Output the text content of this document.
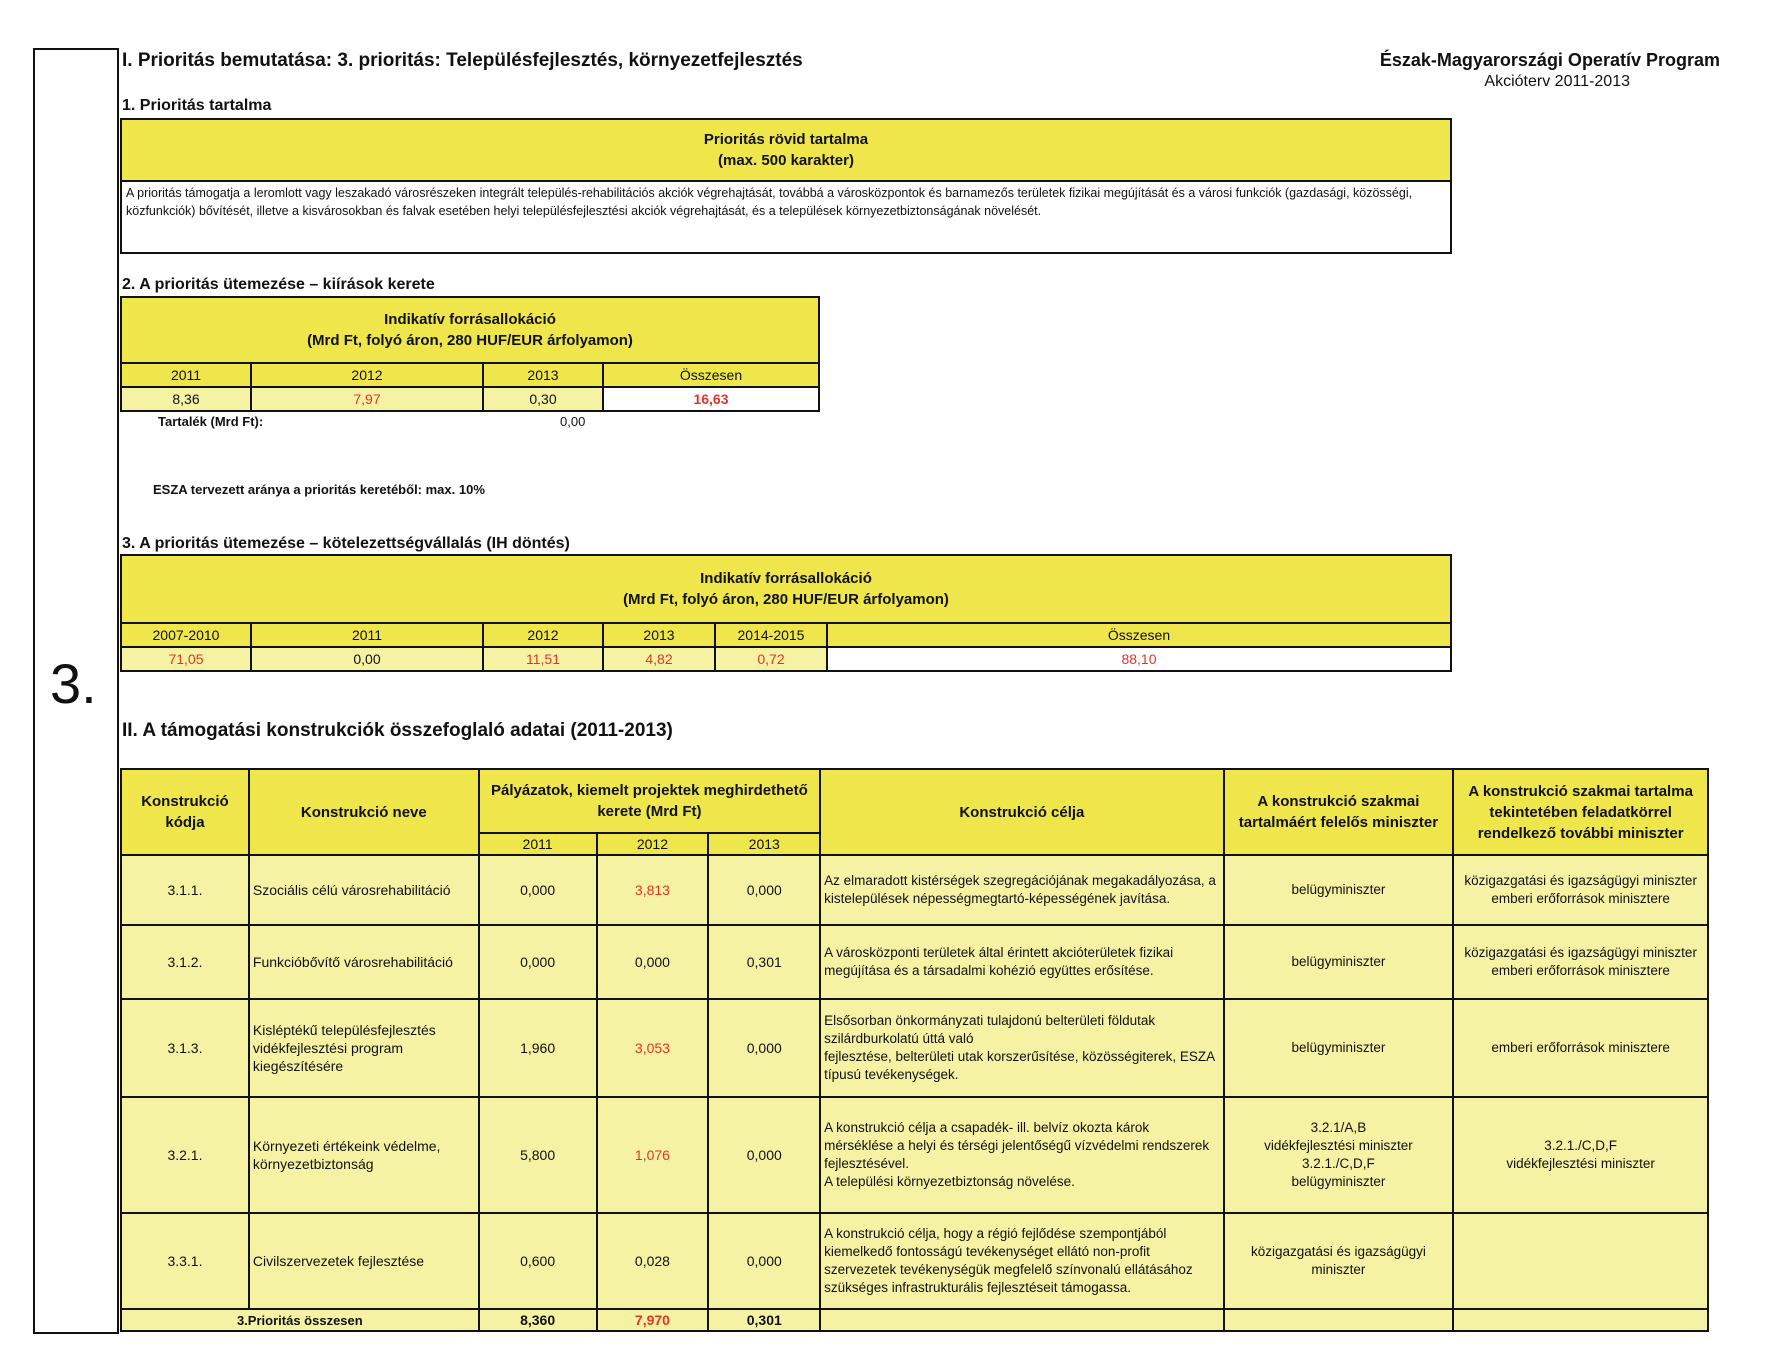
3.
I. Prioritás bemutatása: 3. prioritás: Településfejlesztés, környezetfejlesztés	Észak-Magyarországi Operatív Program
Akcióterv 2011-2013
1. Prioritás tartalma
Prioritás rövid tartalma
(max. 500 karakter)

A prioritás támogatja a leromlott vagy leszakadó városrészeken integrált település-rehabilitációs akciók végrehajtását, továbbá a városközpontok és barnamezős területek fizikai megújítását és a városi funkciók (gazdasági, közösségi, közfunkciók) bővítését, illetve a kisvárosokban és falvak esetében helyi településfejlesztési akciók végrehajtását, és a települések környezetbiztonságának növelését.
2. A prioritás ütemezése – kiírások kerete
Indikatív forrásallokáció
(Mrd Ft, folyó áron, 280 HUF/EUR árfolyamon)			

2011	2012	2013	Összesen
8,36	7,97	0,30	16,63
Tartalék (Mrd Ft):	0,00
ESZA tervezett aránya a prioritás keretéből: max. 10%
3. A prioritás ütemezése – kötelezettségvállalás (IH döntés)
Indikatív forrásallokáció
(Mrd Ft, folyó áron, 280 HUF/EUR árfolyamon)					

2007-2010	2011	2012	2013	2014-2015	Összesen
71,05	0,00	11,51	4,82	0,72	88,10
II. A támogatási konstrukciók összefoglaló adatai (2011-2013)
Konstrukció kódja	Konstrukció neve	Pályázatok, kiemelt projektek meghirdethető kerete (Mrd Ft)			Konstrukció célja	A konstrukció szakmai tartalmáért felelős miniszter	A konstrukció szakmai tartalma tekintetében feladatkörrel rendelkező további miniszter
		2011	2012	2013			
3.1.1.	Szociális célú városrehabilitáció	0,000	3,813	0,000	Az elmaradott kistérségek szegregációjának megakadályozása, a kistelepülések népességmegtartó-képességének javítása.	belügyminiszter	közigazgatási és igazságügyi miniszter
emberi erőforrások minisztere
3.1.2.	Funkcióbővítő városrehabilitáció	0,000	0,000	0,301	A városközponti területek által érintett akcióterületek fizikai megújítása és a társadalmi kohézió együttes erősítése.	belügyminiszter	közigazgatási és igazságügyi miniszter
emberi erőforrások minisztere
3.1.3.	Kisléptékű településfejlesztés vidékfejlesztési program kiegészítésére	1,960	3,053	0,000	Elsősorban önkormányzati tulajdonú belterületi földutak szilárdburkolatú úttá való
fejlesztése, belterületi utak korszerűsítése, közösségiterek, ESZA típusú tevékenységek.	belügyminiszter	emberi erőforrások minisztere
3.2.1.	Környezeti értékeink védelme, környezetbiztonság	5,800	1,076	0,000	A konstrukció célja a csapadék- ill. belvíz okozta károk mérséklése a helyi és térségi jelentőségű vízvédelmi rendszerek fejlesztésével.
A települési környezetbiztonság növelése.	3.2.1/A,B
vidékfejlesztési miniszter
3.2.1./C,D,F
belügyminiszter	3.2.1./C,D,F
vidékfejlesztési miniszter
3.3.1.	Civilszervezetek fejlesztése	0,600	0,028	0,000	A konstrukció célja, hogy a régió fejlődése szempontjából kiemelkedő fontosságú tevékenységet ellátó non-profit szervezetek tevékenységük megfelelő színvonalú ellátásához szükséges infrastrukturális fejlesztéseit támogassa.	közigazgatási és igazságügyi miniszter	
3.Prioritás összesen		8,360	7,970	0,301			
